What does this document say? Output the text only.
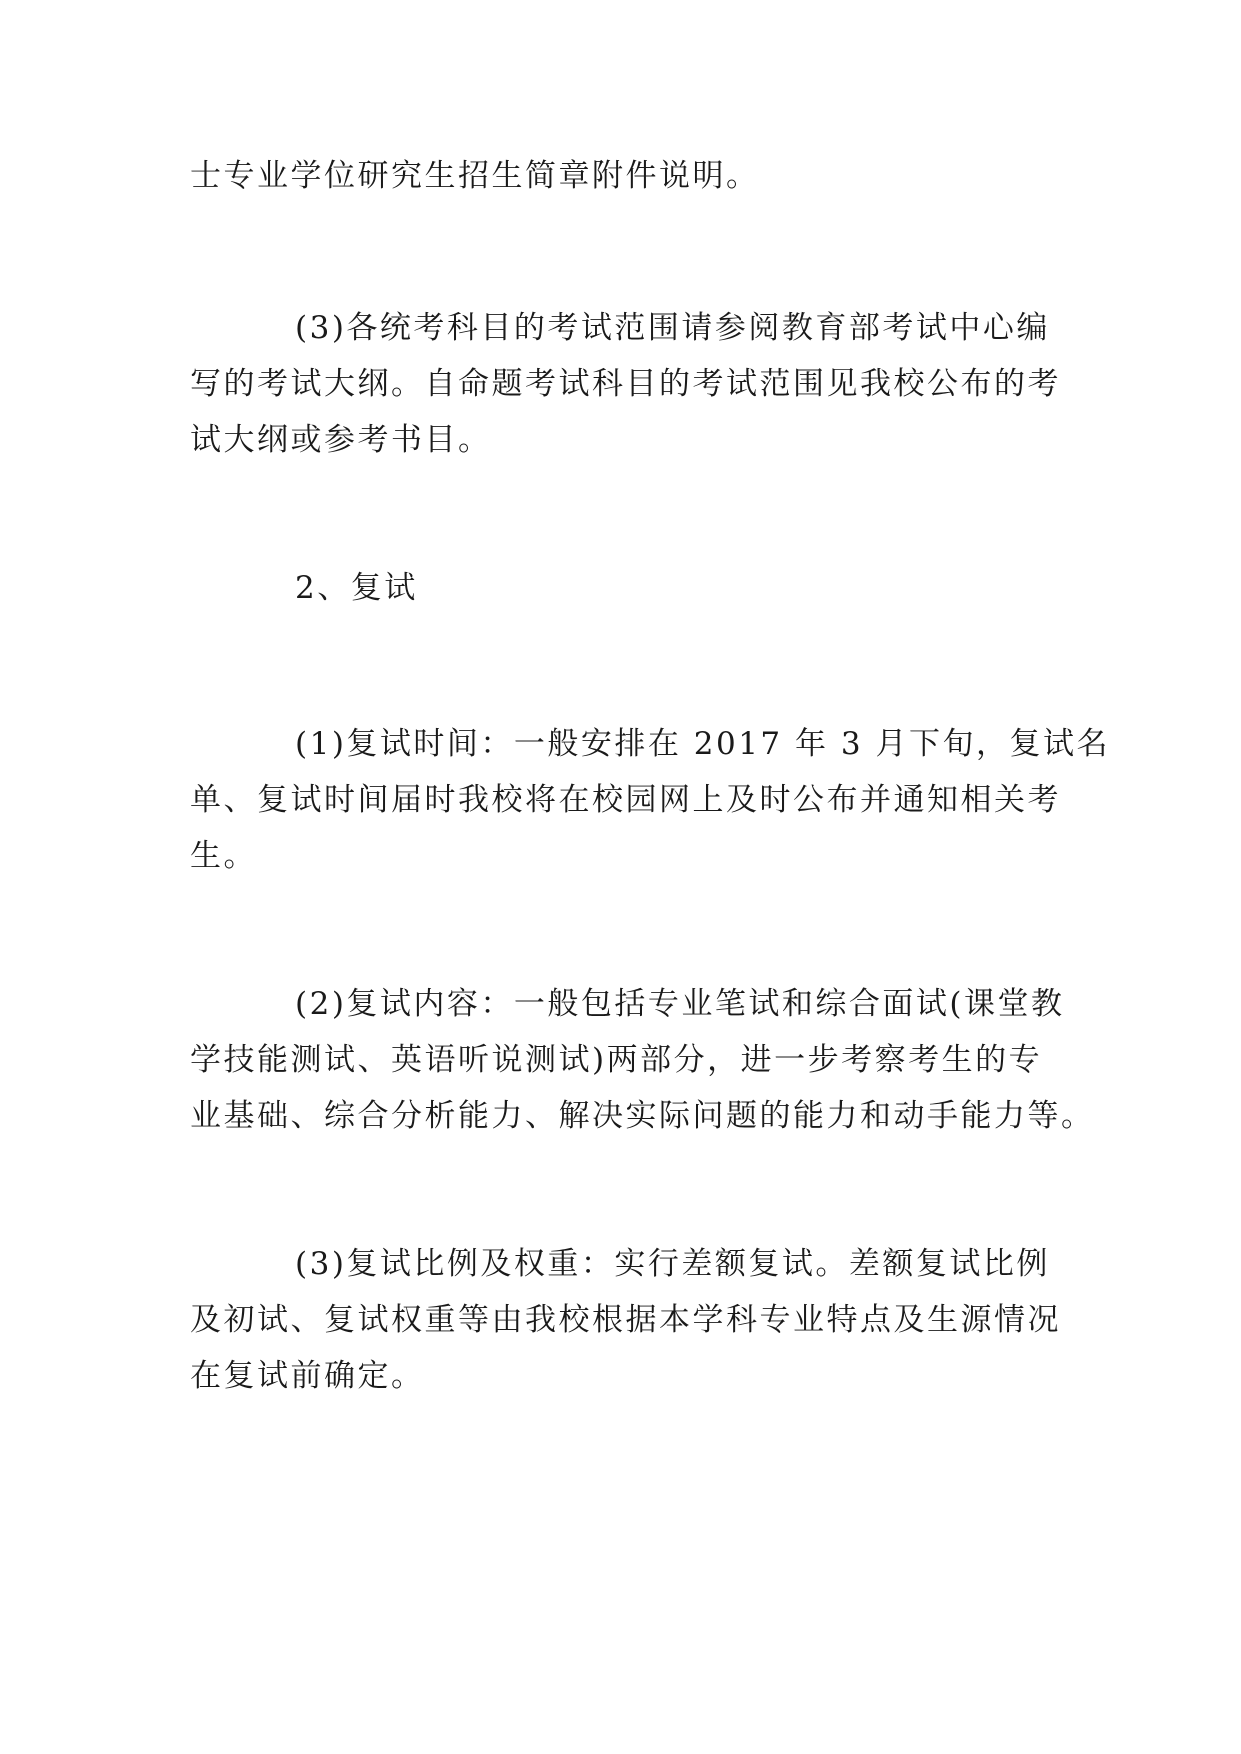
士专业学位研究生招生简章附件说明。

(3)各统考科目的考试范围请参阅教育部考试中心编
写的考试大纲。自命题考试科目的考试范围见我校公布的考
试大纲或参考书目。

2、复试

(1)复试时间：一般安排在 2017 年 3 月下旬，复试名
单、复试时间届时我校将在校园网上及时公布并通知相关考
生。

(2)复试内容：一般包括专业笔试和综合面试(课堂教
学技能测试、英语听说测试)两部分，进一步考察考生的专
业基础、综合分析能力、解决实际问题的能力和动手能力等。

(3)复试比例及权重：实行差额复试。差额复试比例
及初试、复试权重等由我校根据本学科专业特点及生源情况
在复试前确定。
